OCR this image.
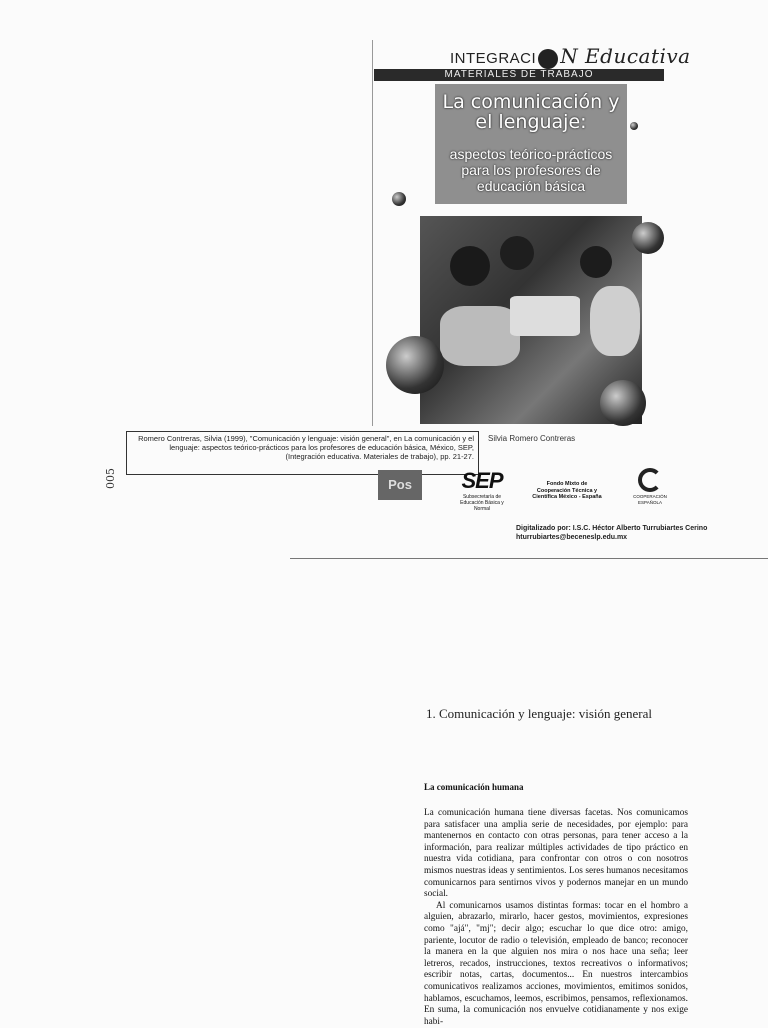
INTEGRACI N Educativa
MATERIALES DE TRABAJO
La comunicación y el lenguaje:
aspectos teórico-prácticos para los profesores de educación básica
Romero Contreras, Silvia (1999), "Comunicación y lenguaje: visión general", en La comunicación y el lenguaje: aspectos teórico-prácticos para los profesores de educación básica, México, SEP, (Integración educativa. Materiales de trabajo), pp. 21-27.
Silvia Romero Contreras
005	Pos	SEP
Subsecretaría de Educación Básica y Normal
Fondo Mixto de Cooperación Técnica y Científica México - España	COOPERACIÓN ESPAÑOLA
Digitalizado por: I.S.C. Héctor Alberto Turrubiartes Cerino
hturrubiartes@beceneslp.edu.mx
1. Comunicación y lenguaje: visión general
La comunicación humana

La comunicación humana tiene diversas facetas. Nos comunicamos para satisfacer una amplia serie de necesidades, por ejemplo: para mantenernos en contacto con otras personas, para tener acceso a la información, para realizar múltiples actividades de tipo práctico en nuestra vida cotidiana, para confrontar con otros o con nosotros mismos nuestras ideas y sentimientos. Los seres humanos necesitamos comunicarnos para sentirnos vivos y podernos manejar en un mundo social.

Al comunicarnos usamos distintas formas: tocar en el hombro a alguien, abrazarlo, mirarlo, hacer gestos, movimientos, expresiones como "ajá", "mj"; decir algo; escuchar lo que dice otro: amigo, pariente, locutor de radio o televisión, empleado de banco; reconocer la manera en la que alguien nos mira o nos hace una seña; leer letreros, recados, instrucciones, textos recreativos o informativos; escribir notas, cartas, documentos... En nuestros intercambios comunicativos realizamos acciones, movimientos, emitimos sonidos, hablamos, escuchamos, leemos, escribimos, pensamos, reflexionamos. En suma, la comunicación nos envuelve cotidianamente y nos exige habi-
